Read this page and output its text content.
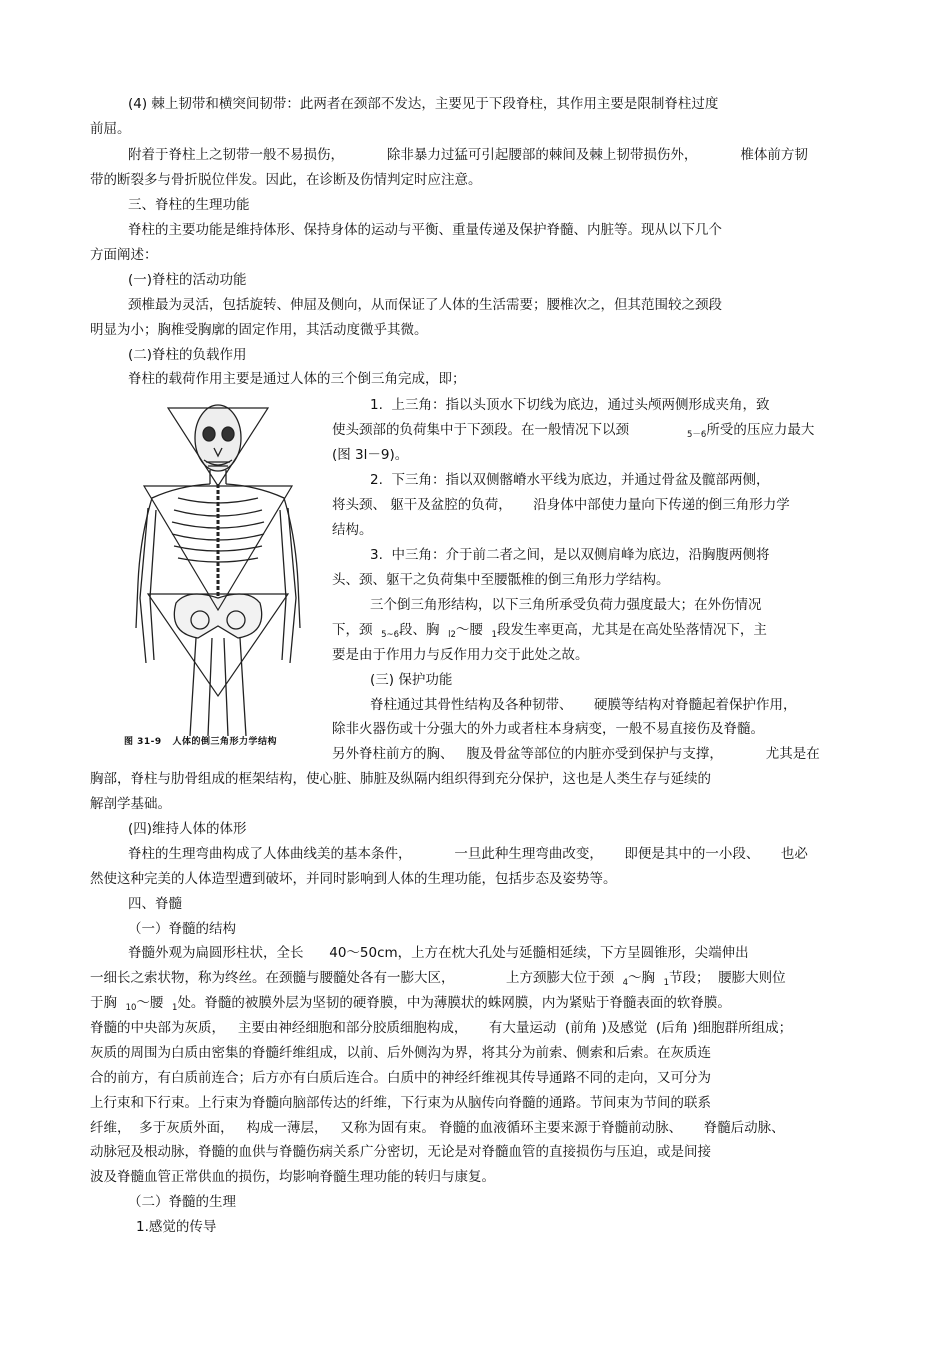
(4) 棘上韧带和横突间韧带：此两者在颈部不发达，主要见于下段脊柱，其作用主要是限制脊柱过度
前屈。
附着于脊柱上之韧带一般不易损伤，          除非暴力过猛可引起腰部的棘间及棘上韧带损伤外，          椎体前方韧
带的断裂多与骨折脱位伴发。因此，在诊断及伤情判定时应注意。
三、脊柱的生理功能
脊柱的主要功能是维持体形、保持身体的运动与平衡、重量传递及保护脊髓、内脏等。现从以下几个
方面阐述：
(一)脊柱的活动功能
颈椎最为灵活，包括旋转、伸屈及侧向，从而保证了人体的生活需要；腰椎次之，但其范围较之颈段
明显为小；胸椎受胸廓的固定作用，其活动度微乎其微。
(二)脊柱的负载作用
脊柱的载荷作用主要是通过人体的三个倒三角完成，即；
图 31-9   人体的倒三角形力学结构
1.  上三角：指以头顶水下切线为底边，通过头颅两侧形成夹角，致
使头颈部的负荷集中于下颈段。在一般情况下以颈	$_{5-6}$所受的压应力最大
(图 3l－9)。
2.  下三角：指以双侧髂嵴水平线为底边，并通过骨盆及髋部两侧，
将头颈、 躯干及盆腔的负荷，     沿身体中部使力量向下传递的倒三角形力学
结构。
3.  中三角：介于前二者之间，是以双侧肩峰为底边，沿胸腹两侧将
头、颈、躯干之负荷集中至腰骶椎的倒三角形力学结构。
三个倒三角形结构，以下三角所承受负荷力强度最大；在外伤情况
下，颈  $_{5\sim 6}$段、胸  $_{l2}$～腰  $_1$段发生率更高，尤其是在高处坠落情况下，主
要是由于作用力与反作用力交于此处之故。
(三) 保护功能
脊柱通过其骨性结构及各种韧带、     硬膜等结构对脊髓起着保护作用，
除非火器伤或十分强大的外力或者柱本身病变，一般不易直接伤及脊髓。
另外脊柱前方的胸、   腹及骨盆等部位的内脏亦受到保护与支撑，          尤其是在
胸部，脊柱与肋骨组成的框架结构，使心脏、肺脏及纵隔内组织得到充分保护，这也是人类生存与延续的
解剖学基础。
(四)维持人体的体形
脊柱的生理弯曲构成了人体曲线美的基本条件，          一旦此种生理弯曲改变，     即便是其中的一小段、     也必
然使这种完美的人体造型遭到破坏，并同时影响到人体的生理功能，包括步态及姿势等。
四、脊髓
（一）脊髓的结构
脊髓外观为扁圆形柱状，全长      40～50cm，上方在枕大孔处与延髓相延续，下方呈圆锥形，尖端伸出
一细长之索状物，称为终丝。在颈髓与腰髓处各有一膨大区，            上方颈膨大位于颈  $_4$～胸  $_1$节段；  腰膨大则位
于胸  $_{10}$～腰  $_1$处。脊髓的被膜外层为坚韧的硬脊膜，中为薄膜状的蛛网膜，内为紧贴于脊髓表面的软脊膜。
脊髓的中央部为灰质，   主要由神经细胞和部分胶质细胞构成，     有大量运动  (前角 )及感觉  (后角 )细胞群所组成；
灰质的周围为白质由密集的脊髓纤维组成，以前、后外侧沟为界，将其分为前索、侧索和后索。在灰质连
合的前方，有白质前连合；后方亦有白质后连合。白质中的神经纤维视其传导通路不同的走向，又可分为
上行束和下行束。上行束为脊髓向脑部传达的纤维，下行束为从脑传向脊髓的通路。节间束为节间的联系
纤维，  多于灰质外面，   构成一薄层，   又称为固有束。 脊髓的血液循环主要来源于脊髓前动脉、     脊髓后动脉、
动脉冠及根动脉，脊髓的血供与脊髓伤病关系广分密切，无论是对脊髓血管的直接损伤与压迫，或是间接
波及脊髓血管正常供血的损伤，均影响脊髓生理功能的转归与康复。
（二）脊髓的生理
1.感觉的传导
